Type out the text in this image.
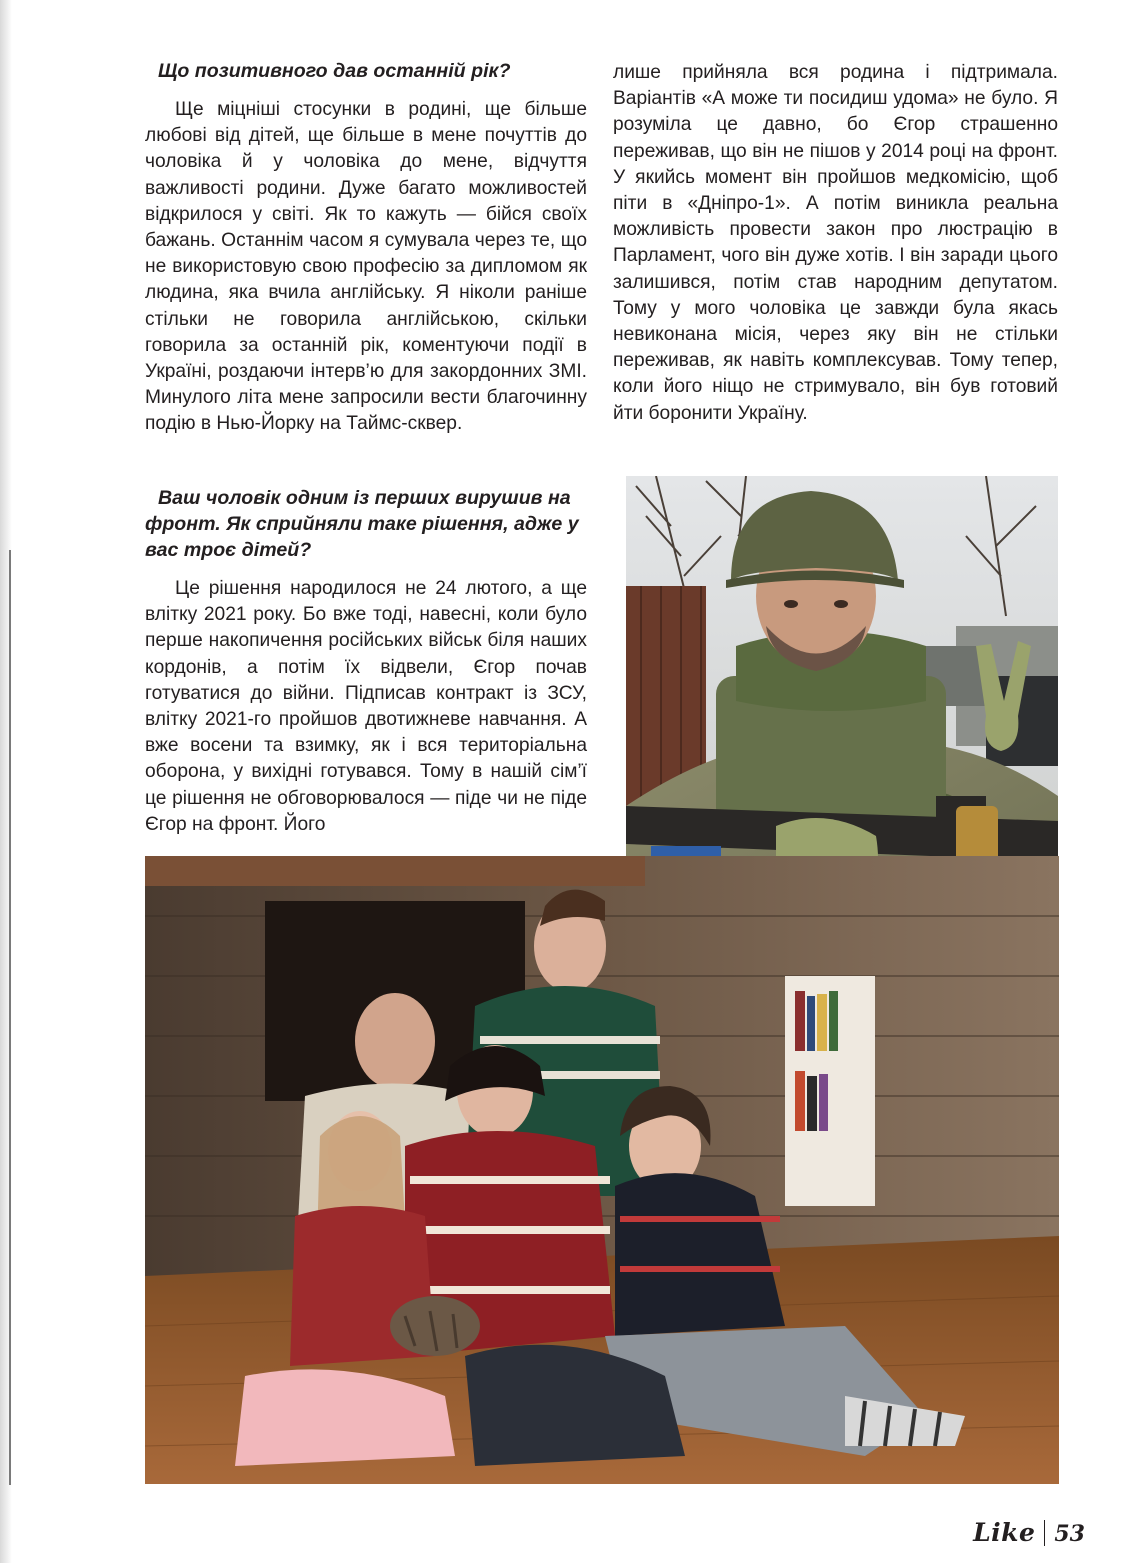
Що позитивного дав останній рік?

Ще міцніші стосунки в родині, ще більше любові від дітей, ще більше в мене почуттів до чоловіка й у чоловіка до мене, відчуття важливості родини. Дуже багато можливостей відкрилося у світі. Як то кажуть — бійся своїх бажань. Останнім часом я сумувала через те, що не використовую свою професію за дипломом як людина, яка вчила англійську. Я ніколи раніше стільки не говорила англійською, скільки говорила за останній рік, коментуючи події в Україні, роздаючи інтерв’ю для закордонних ЗМІ. Минулого літа мене запросили вести благочинну подію в Нью-Йорку на Таймс-сквер.

Ваш чоловік одним із перших вирушив на фронт. Як сприйняли таке рішення, адже у вас троє дітей?

Це рішення народилося не 24 лютого, а ще влітку 2021 року. Бо вже тоді, навесні, коли було перше накопичення російських військ біля наших кордонів, а потім їх відвели, Єгор почав готуватися до війни. Підписав контракт із ЗСУ, влітку 2021-го пройшов двотижневе навчання. А вже восени та взимку, як і вся територіальна оборона, у вихідні готувався. Тому в нашій сім’ї це рішення не обговорювалося — піде чи не піде Єгор на фронт. Його

лише прийняла вся родина і підтримала. Варіантів «А може ти посидиш удома» не було. Я розуміла це давно, бо Єгор страшенно переживав, що він не пішов у 2014 році на фронт. У якийсь момент він пройшов медкомісію, щоб піти в «Дніпро-1». А потім виникла реальна можливість провести закон про люстрацію в Парламент, чого він дуже хотів. І він заради цього залишився, потім став народним депутатом. Тому у мого чоловіка це завжди була якась невиконана місія, через яку він не стільки переживав, як навіть комплексував. Тому тепер, коли його ніщо не стримувало, він був готовий йти боронити Україну.

Like 53
